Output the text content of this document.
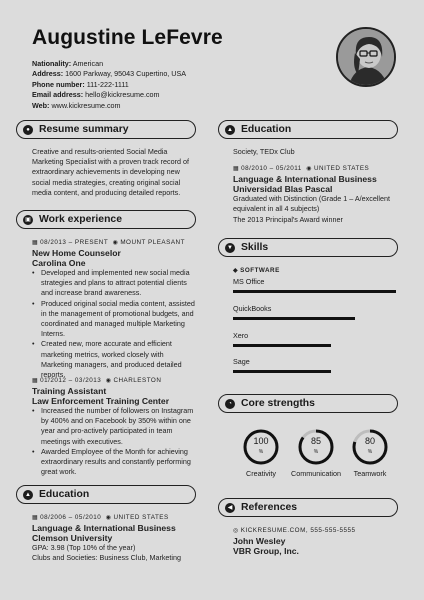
Augustine LeFevre
Nationality: American
Address: 1600 Parkway, 95043 Cupertino, USA
Phone number: 111-222-1111
Email address: hello@kickresume.com
Web: www.kickresume.com
● Resume summary
Creative and results-oriented Social Media Marketing Specialist with a proven track record of extraordinary achievements in developing new social media strategies, creating original social media content, and producing detailed reports.
▣ Work experience
▦ 08/2013 – PRESENT ◉ MOUNT PLEASANT
New Home Counselor
Carolina One
• Developed and implemented new social media strategies and plans to attract potential clients and increase brand awareness.
• Produced original social media content, assisted in the management of promotional budgets, and coordinated and managed multiple Marketing Interns.
• Created new, more accurate and efficient marketing metrics, worked closely with Marketing managers, and produced detailed reports.
▦ 01/2012 – 03/2013 ◉ CHARLESTON
Training Assistant
Law Enforcement Training Center
• Increased the number of followers on Instagram by 400% and on Facebook by 350% within one year and pro-actively participated in team meetings with executives.
• Awarded Employee of the Month for achieving extraordinary results and constantly performing great work.
▲ Education
▦ 08/2006 – 05/2010 ◉ UNITED STATES
Language & International Business
Clemson University
GPA: 3.98 (Top 10% of the year)
Clubs and Societies: Business Club, Marketing
▲ Education
Society, TEDx Club
▦ 08/2010 – 05/2011 ◉ UNITED STATES
Language & International Business
Universidad Blas Pascal
Graduated with Distinction (Grade 1 – A/excellent equivalent in all 4 subjects)
The 2013 Principal's Award winner
▼ Skills
◆ SOFTWARE
MS Office
QuickBooks
Xero
Sage
◔ Core strengths
100
%
Creativity
85
%
Communication
80
%
Teamwork
◀ References
◎ KICKRESUME.COM, 555-555-5555
John Wesley
VBR Group, Inc.
